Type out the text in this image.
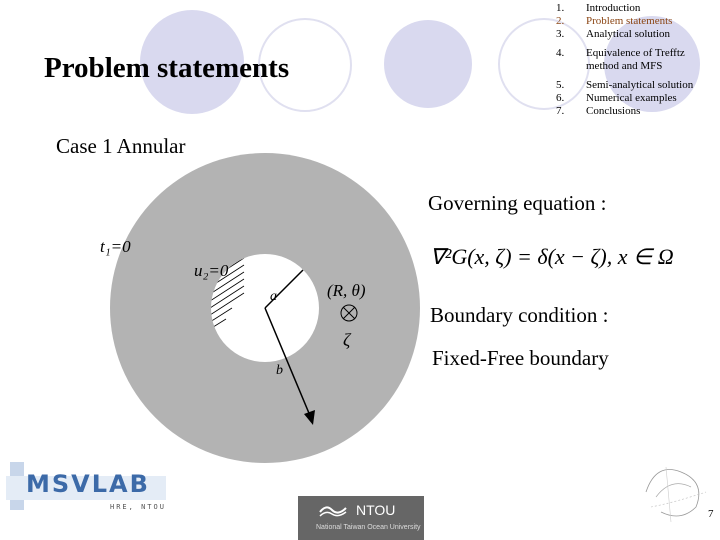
Problem statements
1.	Introduction
2.	Problem statements
3.	Analytical solution
4.	Equivalence of Trefftz method and MFS
5.	Semi-analytical solution
6.	Numerical examples
7.	Conclusions
Case 1 Annular
t₁=0
u₂=0
a
b
(R, θ)
ζ
Governing equation :
∇²G(x, ζ) = δ(x − ζ), x ∈ Ω
Boundary condition :
Fixed-Free boundary
MSVLAB
HRE, NTOU	NTOU
National Taiwan Ocean University
7
